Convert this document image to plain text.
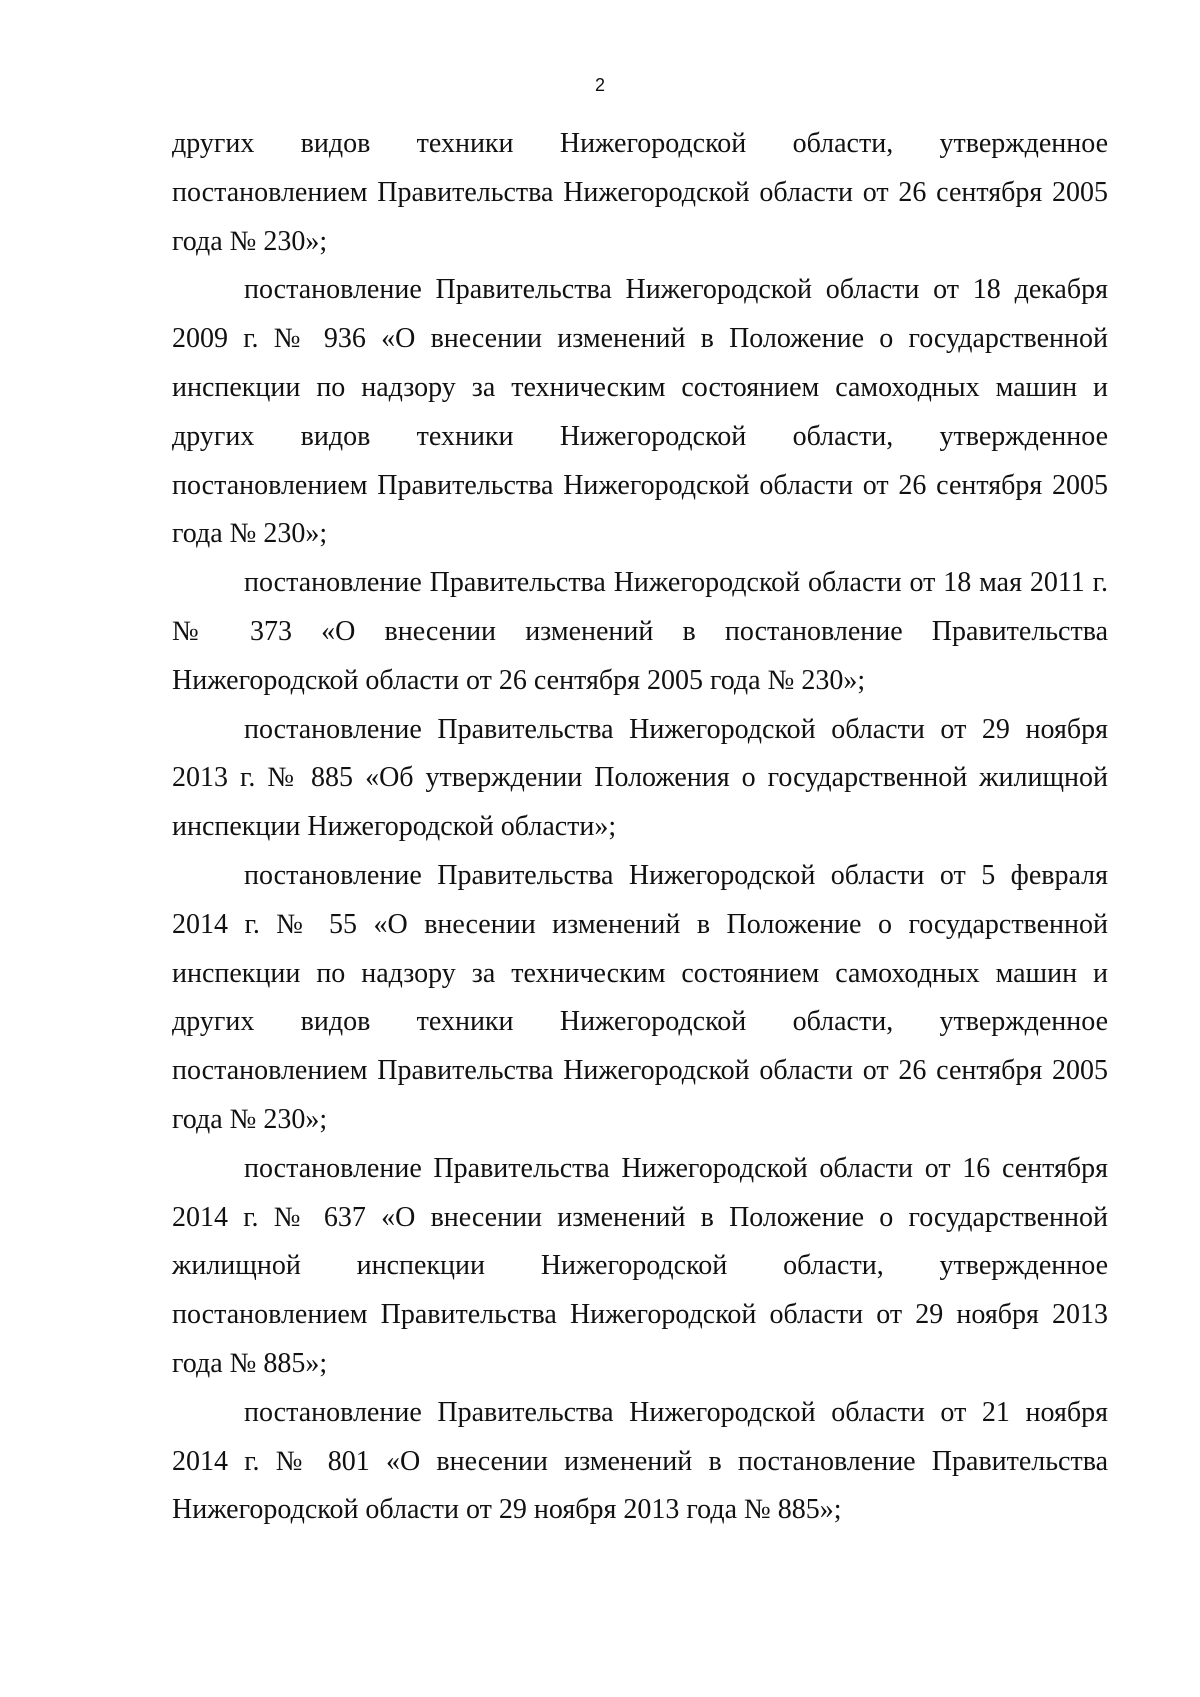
2

других видов техники Нижегородской области, утвержденное постановлением Правительства Нижегородской области от 26 сентября 2005 года № 230»;

постановление Правительства Нижегородской области от 18 декабря 2009 г. № 936 «О внесении изменений в Положение о государственной инспекции по надзору за техническим состоянием самоходных машин и других видов техники Нижегородской области, утвержденное постановлением Правительства Нижегородской области от 26 сентября 2005 года № 230»;

постановление Правительства Нижегородской области от 18 мая 2011 г. № 373 «О внесении изменений в постановление Правительства Нижегородской области от 26 сентября 2005 года № 230»;

постановление Правительства Нижегородской области от 29 ноября 2013 г. № 885 «Об утверждении Положения о государственной жилищной инспекции Нижегородской области»;

постановление Правительства Нижегородской области от 5 февраля 2014 г. № 55 «О внесении изменений в Положение о государственной инспекции по надзору за техническим состоянием самоходных машин и других видов техники Нижегородской области, утвержденное постановлением Правительства Нижегородской области от 26 сентября 2005 года № 230»;

постановление Правительства Нижегородской области от 16 сентября 2014 г. № 637 «О внесении изменений в Положение о государственной жилищной инспекции Нижегородской области, утвержденное постановлением Правительства Нижегородской области от 29 ноября 2013 года № 885»;

постановление Правительства Нижегородской области от 21 ноября 2014 г. № 801 «О внесении изменений в постановление Правительства Нижегородской области от 29 ноября 2013 года № 885»;
